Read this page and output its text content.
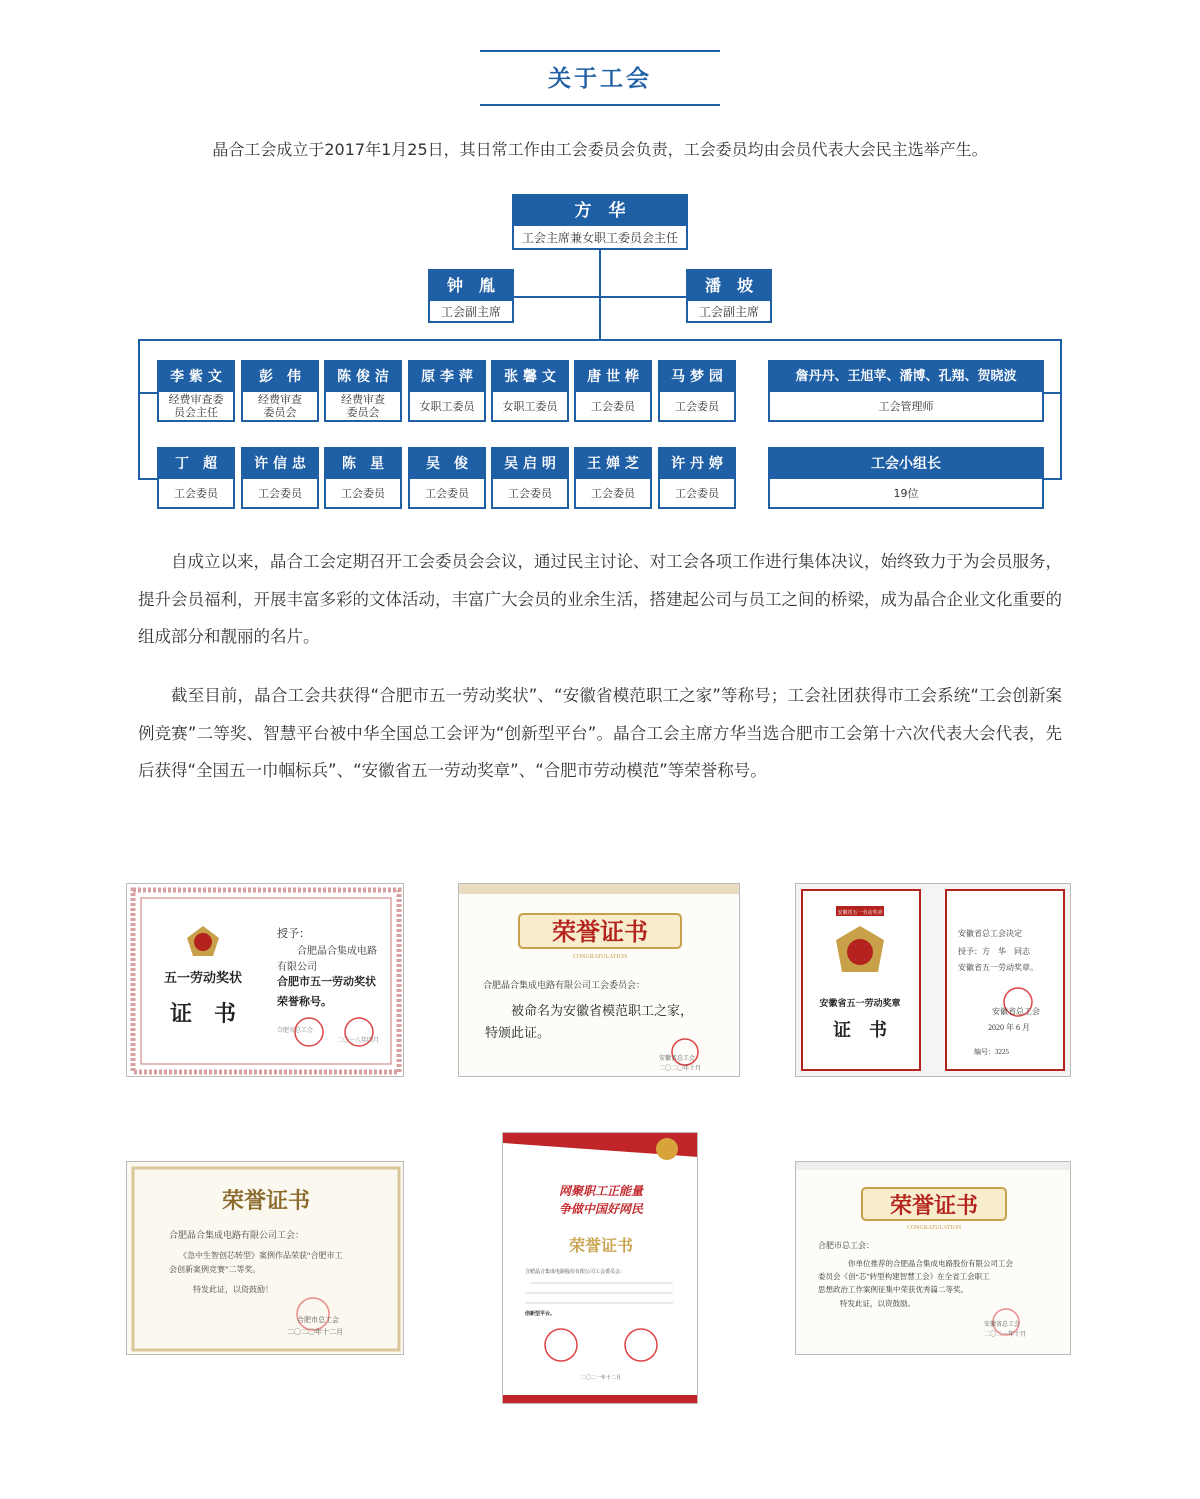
关于工会
晶合工会成立于2017年1月25日，其日常工作由工会委员会负责，工会委员均由会员代表大会民主选举产生。
方　华
工会主席兼女职工委员会主任
钟　胤
工会副主席
潘　坡
工会副主席
李 紫 文
经费审查委员会主任
彭　伟
经费审查委员会
陈 俊 洁
经费审查委员会
原 李 萍
女职工委员
张 馨 文
女职工委员
唐 世 桦
工会委员
马 梦 园
工会委员
丁　超
工会委员
许 信 忠
工会委员
陈　星
工会委员
吴　俊
工会委员
吴 启 明
工会委员
王 婵 芝
工会委员
许 丹 婷
工会委员
詹丹丹、王旭苹、潘博、孔翔、贺晓波
工会管理师
工会小组长
19位
自成立以来，晶合工会定期召开工会委员会会议，通过民主讨论、对工会各项工作进行集体决议，始终致力于为会员服务，提升会员福利，开展丰富多彩的文体活动，丰富广大会员的业余生活，搭建起公司与员工之间的桥梁，成为晶合企业文化重要的组成部分和靓丽的名片。
截至目前，晶合工会共获得“合肥市五一劳动奖状”、“安徽省模范职工之家”等称号；工会社团获得市工会系统“工会创新案例竞赛”二等奖、智慧平台被中华全国总工会评为“创新型平台”。晶合工会主席方华当选合肥市工会第十六次代表大会代表，先后获得“全国五一巾帼标兵”、“安徽省五一劳动奖章”、“合肥市劳动模范”等荣誉称号。
五一劳动奖状
证　书
授予：
合肥晶合集成电路
有限公司
合肥市五一劳动奖状
荣誉称号。
合肥市总工会
二〇一八年四月
荣誉证书
CONGRATULATION
合肥晶合集成电路有限公司工会委员会：
被命名为安徽省模范职工之家，
特颁此证。
安徽省总工会
二〇二〇年十月
安徽省五一劳动奖章
安徽省五一劳动奖章
证　书
安徽省总工会决定
授予：方　华　同志
安徽省五一劳动奖章。
安徽省总工会
2020 年 6 月
编号：3225
荣誉证书
合肥晶合集成电路有限公司工会：
《急中生智创芯转型》案例作品荣获“合肥市工
会创新案例竞赛”二等奖。
特发此证，以资鼓励！
合肥市总工会
二〇二〇年十二月
网聚职工正能量
争做中国好网民
荣誉证书
合肥晶合集成电路股份有限公司工会委员会：
创新型平台。
二〇二一年十二月
荣誉证书
CONGRATULATION
合肥市总工会：
你单位推荐的合肥晶合集成电路股份有限公司工会
委员会《创“芯”转型构建智慧工会》在全省工会职工
思想政治工作案例征集中荣获优秀篇二等奖。
特发此证，以资鼓励。
安徽省总工会
二〇二一年十月
